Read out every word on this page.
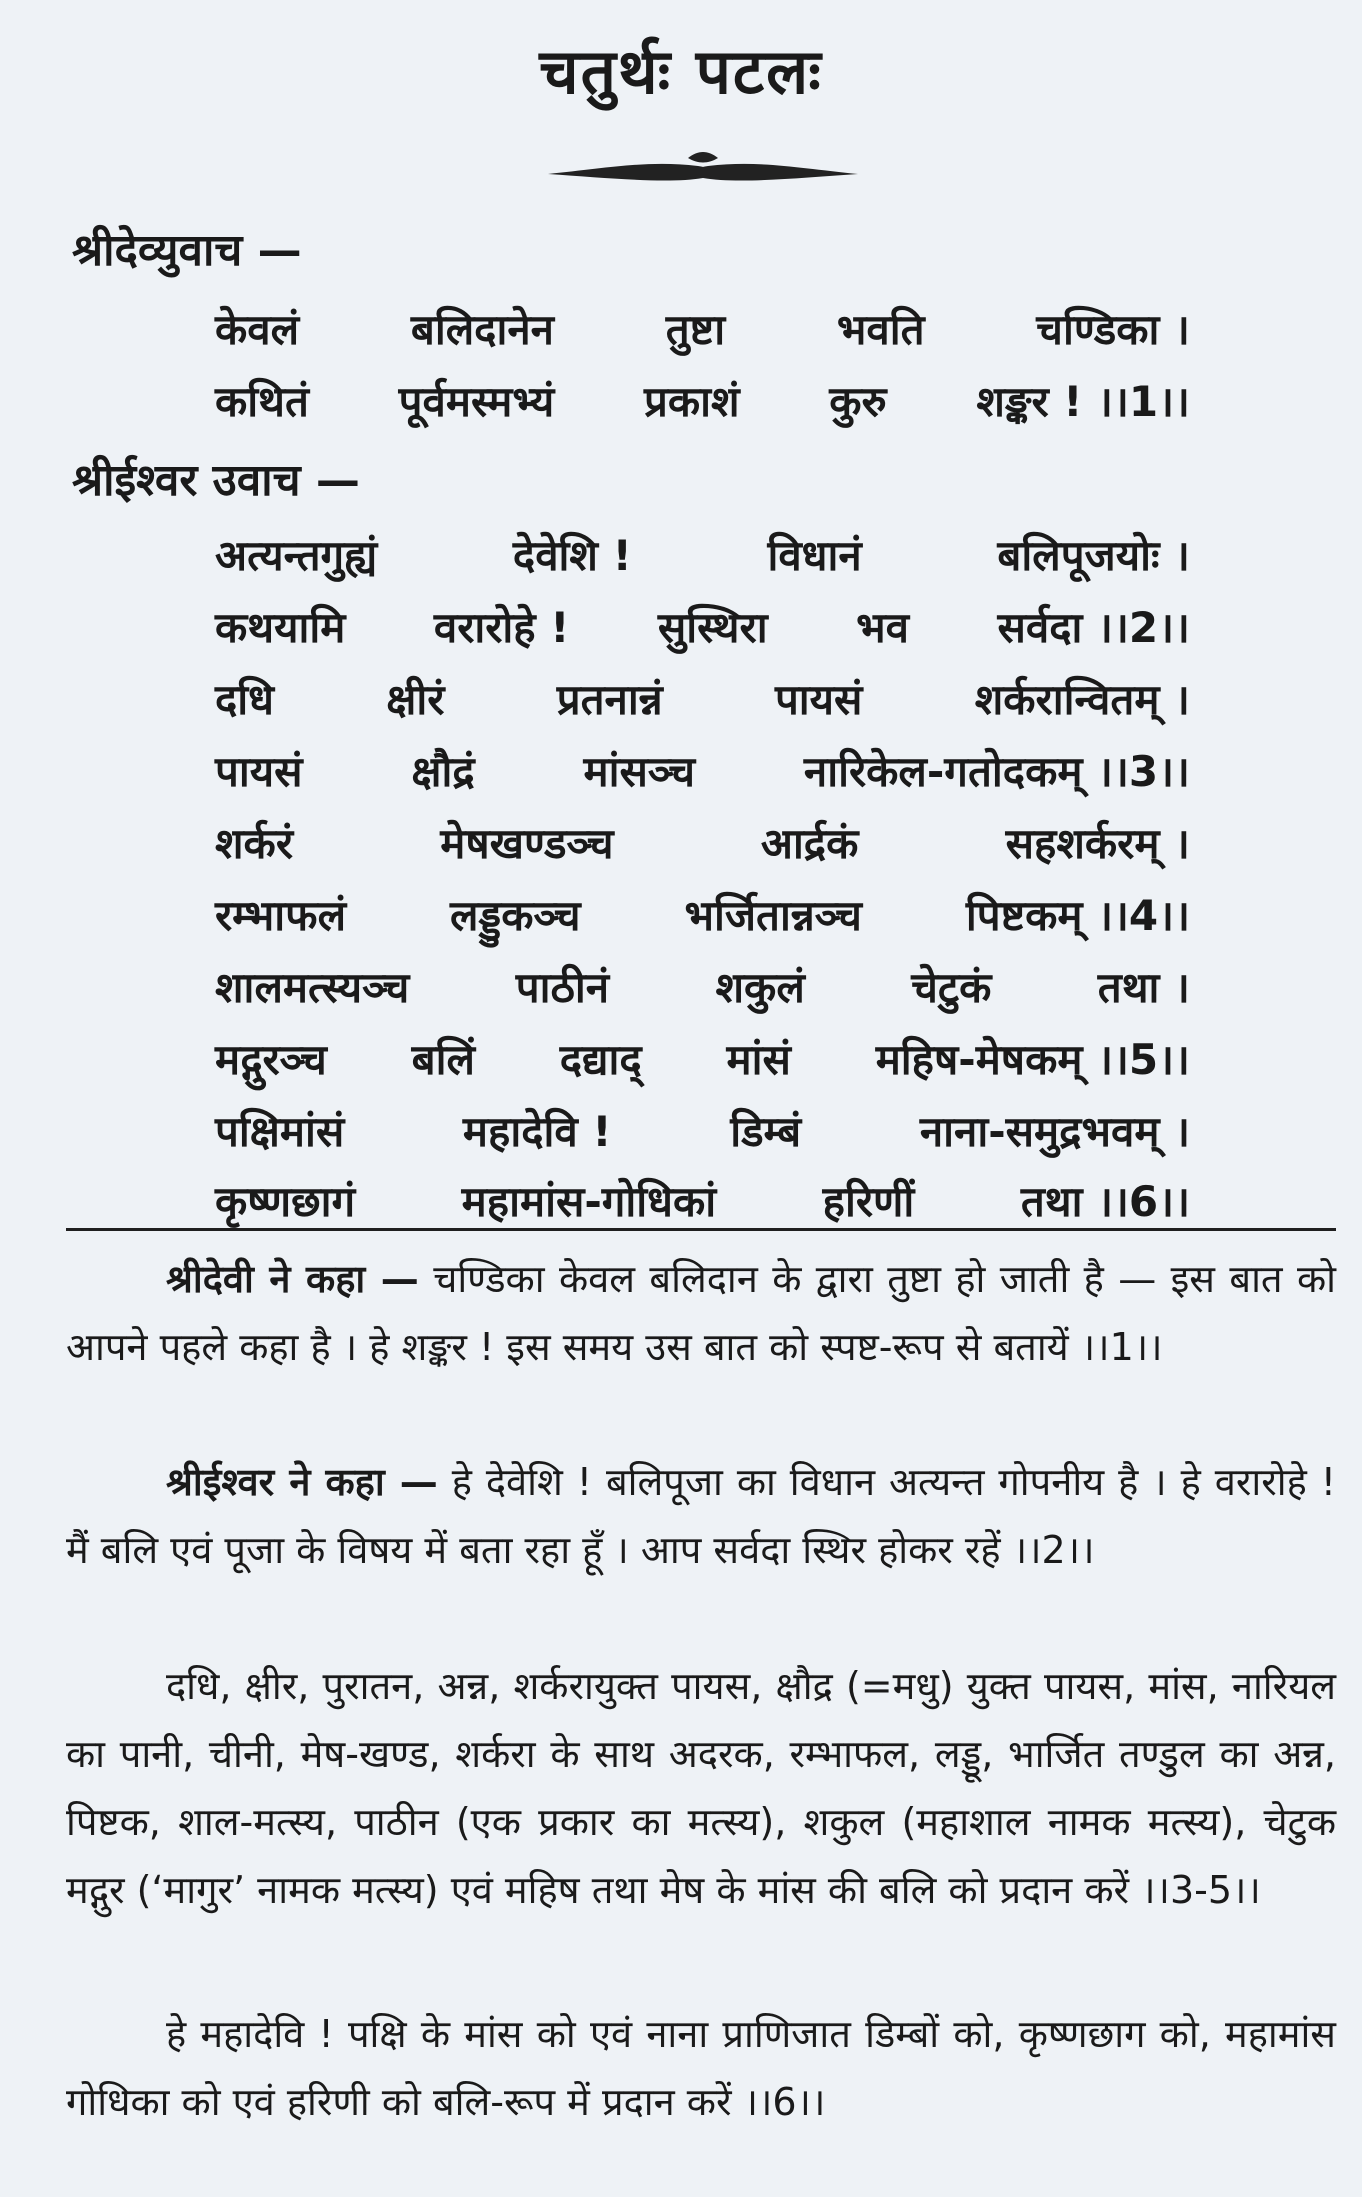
चतुर्थः पटलः
श्रीदेव्युवाच —
केवलं	बलिदानेन	तुष्टा	भवति	चण्डिका ।
कथितं पूर्वमस्मभ्यं प्रकाशं कुरु शङ्कर ! ।।1।।
श्रीईश्वर उवाच —
अत्यन्तगुह्यं	देवेशि !	विधानं	बलिपूजयोः ।
कथयामि वरारोहे ! सुस्थिरा भव सर्वदा ।।2।।
दधि	क्षीरं	प्रतनान्नं	पायसं	शर्करान्वितम् ।
पायसं	क्षौद्रं	मांसञ्च	नारिकेल-गतोदकम् ।।3।।
शर्करं	मेषखण्डञ्च	आर्द्रकं	सहशर्करम् ।
रम्भाफलं लड्डुकञ्च भर्जितान्नञ्च पिष्टकम् ।।4।।
शालमत्स्यञ्च	पाठीनं	शकुलं	चेटुकं	तथा ।
मद्गुरञ्च बलिं दद्याद् मांसं महिष-मेषकम् ।।5।।
पक्षिमांसं	महादेवि !	डिम्बं	नाना-समुद्रभवम् ।
कृष्णछागं	महामांस-गोधिकां	हरिणीं	तथा ।।6।।
श्रीदेवी ने कहा — चण्डिका केवल बलिदान के द्वारा तुष्टा हो जाती है — इस बात को आपने पहले कहा है । हे शङ्कर ! इस समय उस बात को स्पष्ट-रूप से बतायें ।।1।।
श्रीईश्वर ने कहा — हे देवेशि ! बलिपूजा का विधान अत्यन्त गोपनीय है । हे वरारोहे ! मैं बलि एवं पूजा के विषय में बता रहा हूँ । आप सर्वदा स्थिर होकर रहें ।।2।।
दधि, क्षीर, पुरातन, अन्न, शर्करायुक्त पायस, क्षौद्र (=मधु) युक्त पायस, मांस, नारियल का पानी, चीनी, मेष-खण्ड, शर्करा के साथ अदरक, रम्भाफल, लड्डू, भार्जित तण्डुल का अन्न, पिष्टक, शाल-मत्स्य, पाठीन (एक प्रकार का मत्स्य), शकुल (महाशाल नामक मत्स्य), चेटुक मद्गुर (‘मागुर’ नामक मत्स्य) एवं महिष तथा मेष के मांस की बलि को प्रदान करें ।।3-5।।
हे महादेवि ! पक्षि के मांस को एवं नाना प्राणिजात डिम्बों को, कृष्णछाग को, महामांस गोधिका को एवं हरिणी को बलि-रूप में प्रदान करें ।।6।।
